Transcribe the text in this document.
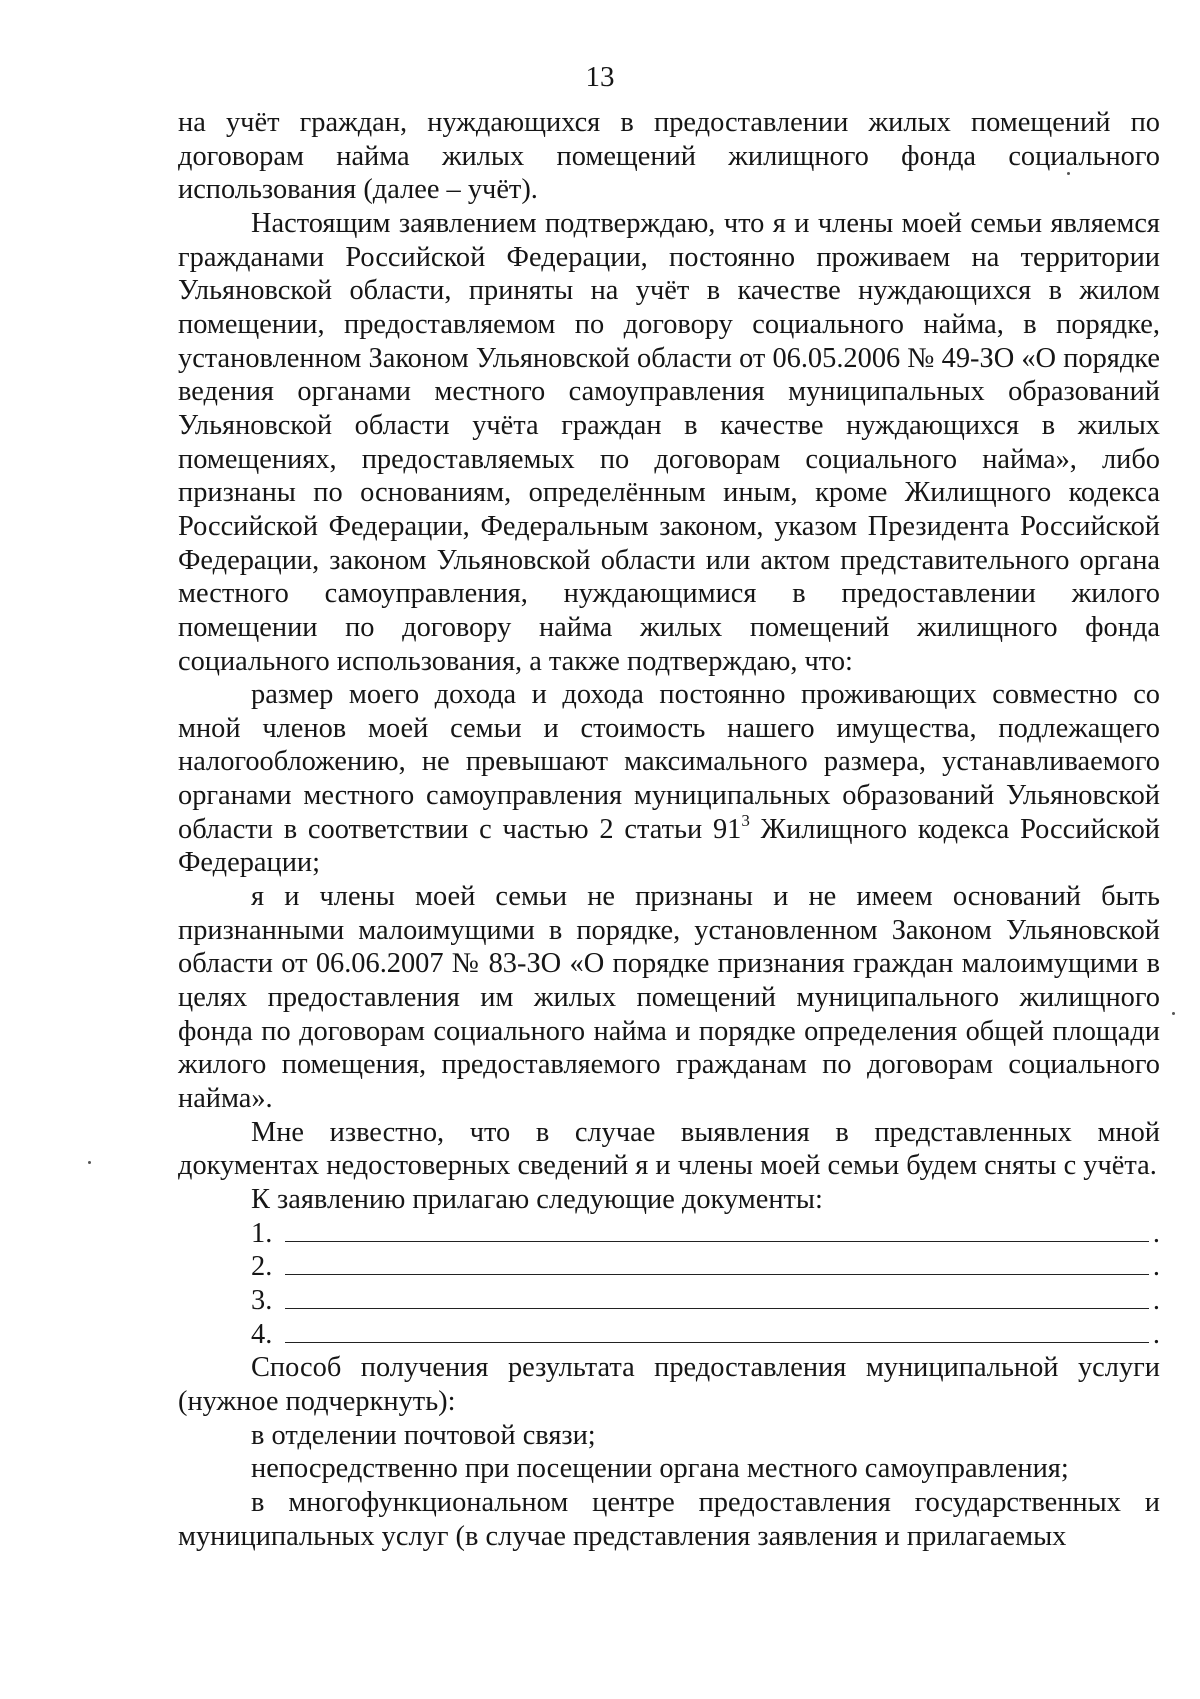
13

на учёт граждан, нуждающихся в предоставлении жилых помещений по договорам найма жилых помещений жилищного фонда социального использования (далее – учёт).

Настоящим заявлением подтверждаю, что я и члены моей семьи являемся гражданами Российской Федерации, постоянно проживаем на территории Ульяновской области, приняты на учёт в качестве нуждающихся в жилом помещении, предоставляемом по договору социального найма, в порядке, установленном Законом Ульяновской области от 06.05.2006 № 49-ЗО «О порядке ведения органами местного самоуправления муниципальных образований Ульяновской области учёта граждан в качестве нуждающихся в жилых помещениях, предоставляемых по договорам социального найма», либо признаны по основаниям, определённым иным, кроме Жилищного кодекса Российской Федерации, Федеральным законом, указом Президента Российской Федерации, законом Ульяновской области или актом представительного органа местного самоуправления, нуждающимися в предоставлении жилого помещении по договору найма жилых помещений жилищного фонда социального использования, а также подтверждаю, что:

размер моего дохода и дохода постоянно проживающих совместно со мной членов моей семьи и стоимость нашего имущества, подлежащего налогообложению, не превышают максимального размера, устанавливаемого органами местного самоуправления муниципальных образований Ульяновской области в соответствии с частью 2 статьи $91^3$ Жилищного кодекса Российской Федерации;

я и члены моей семьи не признаны и не имеем оснований быть признанными малоимущими в порядке, установленном Законом Ульяновской области от 06.06.2007 № 83-ЗО «О порядке признания граждан малоимущими в целях предоставления им жилых помещений муниципального жилищного фонда по договорам социального найма и порядке определения общей площади жилого помещения, предоставляемого гражданам по договорам социального найма».

Мне известно, что в случае выявления в представленных мной документах недостоверных сведений я и члены моей семьи будем сняты с учёта.

К заявлению прилагаю следующие документы:

1.	.
2.	.
3.	.
4.	.

Способ получения результата предоставления муниципальной услуги (нужное подчеркнуть):

в отделении почтовой связи;

непосредственно при посещении органа местного самоуправления;

в многофункциональном центре предоставления государственных и муниципальных услуг (в случае представления заявления и прилагаемых
